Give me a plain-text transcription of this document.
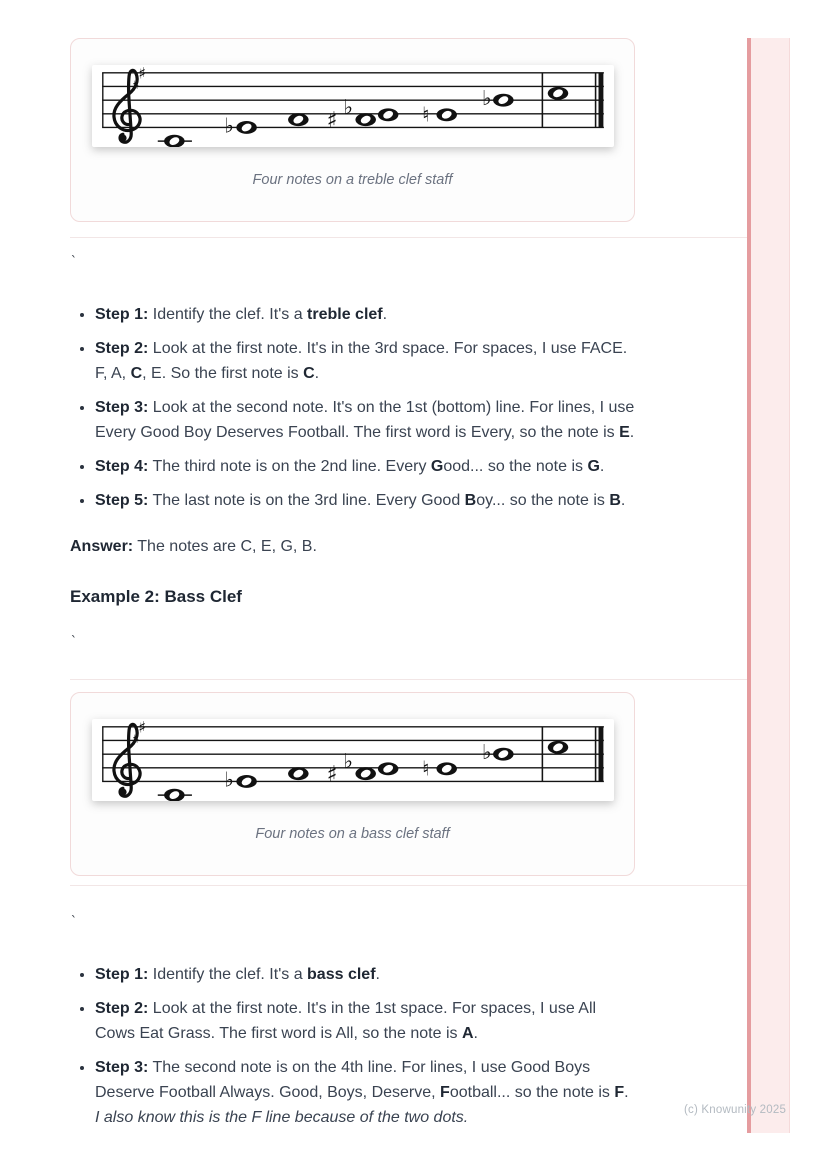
Four notes on a treble clef staff

`

• Step 1: Identify the clef. It's a treble clef.
• Step 2: Look at the first note. It's in the 3rd space. For spaces, I use FACE. F, A, C, E. So the first note is C.
• Step 3: Look at the second note. It's on the 1st (bottom) line. For lines, I use Every Good Boy Deserves Football. The first word is Every, so the note is E.
• Step 4: The third note is on the 2nd line. Every Good... so the note is G.
• Step 5: The last note is on the 3rd line. Every Good Boy... so the note is B.

Answer: The notes are C, E, G, B.

Example 2: Bass Clef

`

Four notes on a bass clef staff

`

• Step 1: Identify the clef. It's a bass clef.
• Step 2: Look at the first note. It's in the 1st space. For spaces, I use All Cows Eat Grass. The first word is All, so the note is A.
• Step 3: The second note is on the 4th line. For lines, I use Good Boys Deserve Football Always. Good, Boys, Deserve, Football... so the note is F. I also know this is the F line because of the two dots.	(c) Knowunity 2025
